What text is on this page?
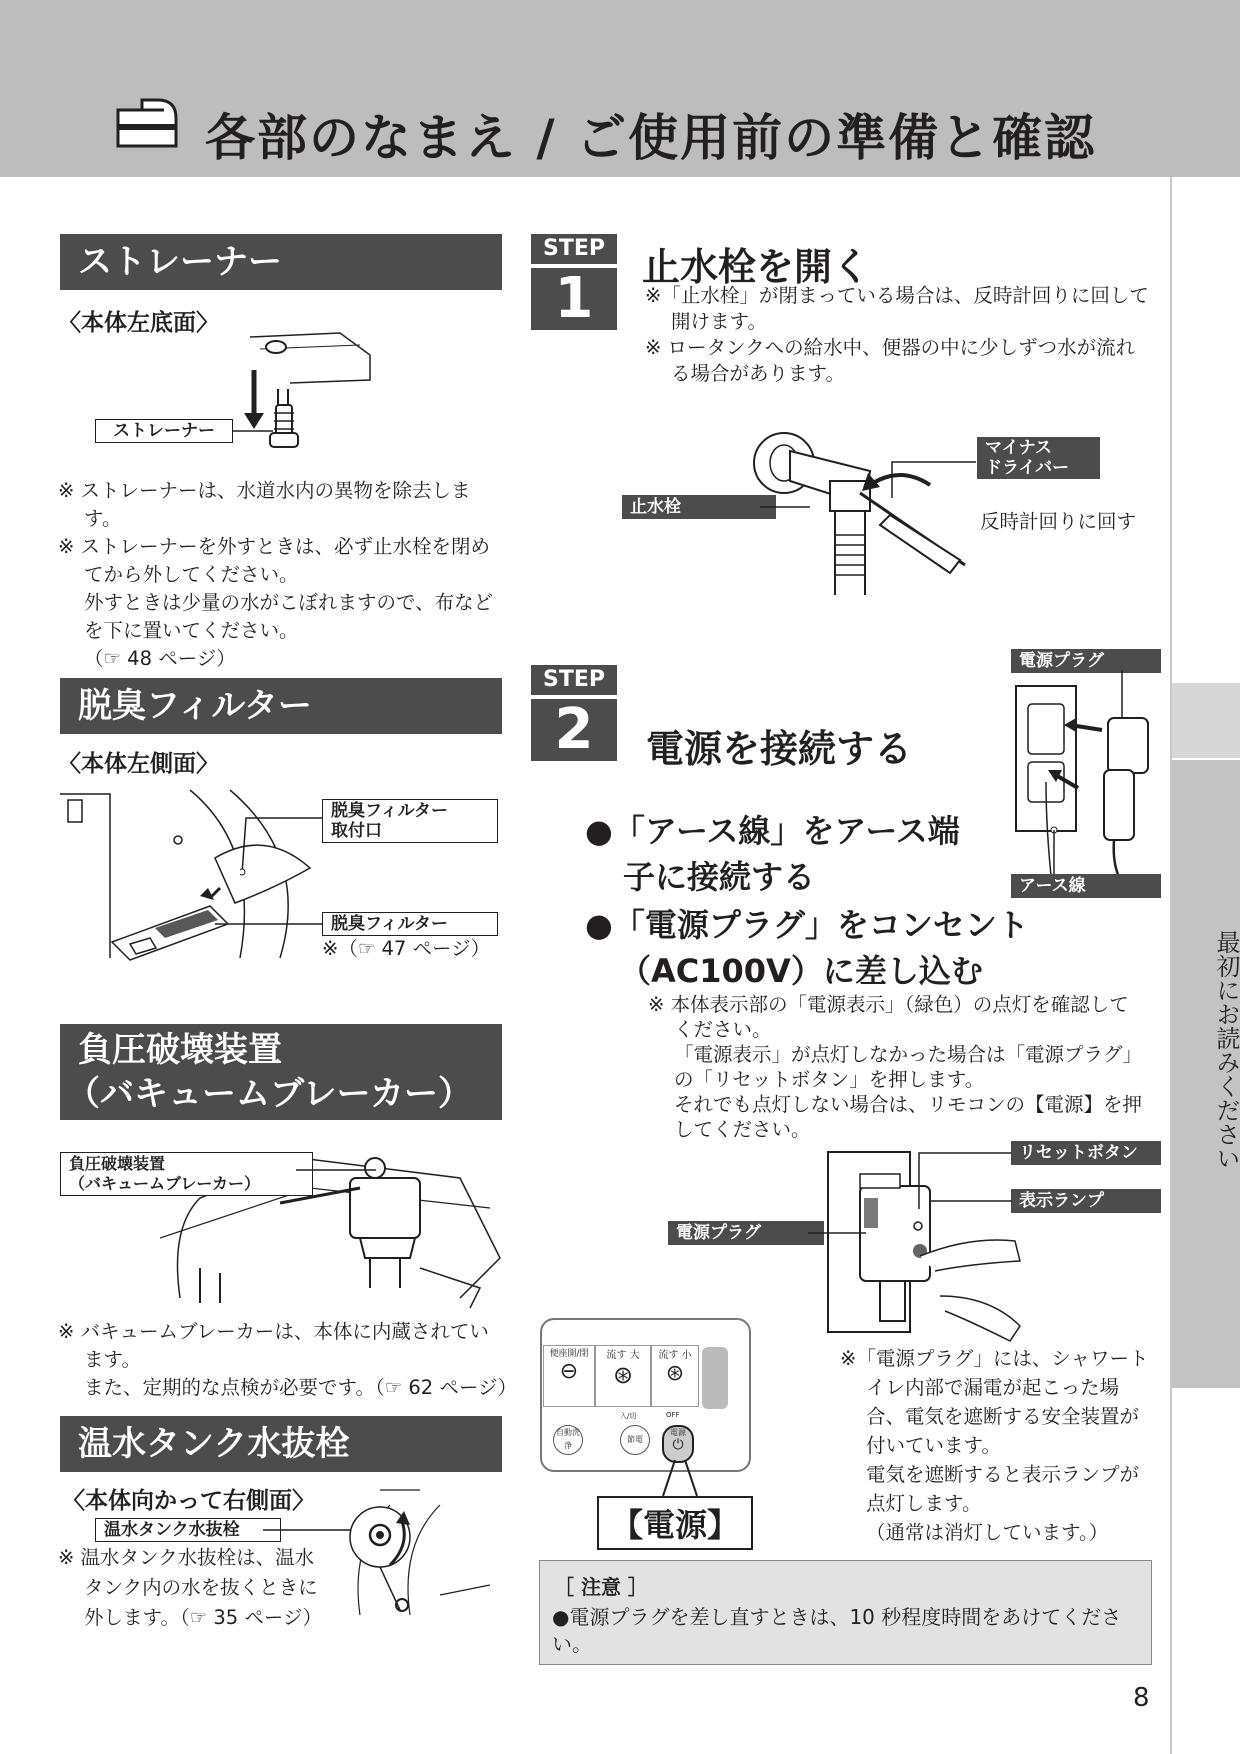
各部のなまえ / ご使用前の準備と確認
最初にお読みください
ストレーナー
〈本体左底面〉
ストレーナー

※ ストレーナーは、水道水内の異物を除去します。

※ ストレーナーを外すときは、必ず止水栓を閉めてから外してください。

外すときは少量の水がこぼれますので、布などを下に置いてください。

（☞ 48 ページ）

脱臭フィルター
〈本体左側面〉
脱臭フィルター
取付口
脱臭フィルター
※（☞ 47 ページ）
負圧破壊装置
（バキュームブレーカー）
負圧破壊装置
（バキュームブレーカー）

※ バキュームブレーカーは、本体に内蔵されています。

また、定期的な点検が必要です。（☞ 62 ページ）

温水タンク水抜栓
〈本体向かって右側面〉
温水タンク水抜栓

※ 温水タンク水抜栓は、温水

タンク内の水を抜くときに

外します。（☞ 35 ページ）

STEP
1	止水栓を開く

※「止水栓」が閉まっている場合は、反時計回りに回して開けます。

※ ロータンクへの給水中、便器の中に少しずつ水が流れる場合があります。

止水栓
マイナス
ドライバー
反時計回りに回す
STEP
2	電源を接続する
電源プラグ
アース線
●「アース線」をアース端
子に接続する
●「電源プラグ」をコンセント
（AC100V）に差し込む

※ 本体表示部の「電源表示」（緑色）の点灯を確認してください。

「電源表示」が点灯しなかった場合は「電源プラグ」の「リセットボタン」を押します。

それでも点灯しない場合は、リモコンの【電源】を押してください。

リセットボタン
表示ランプ
電源プラグ
便座開/閉
⊖
流す 大
⊛
流す 小
⊛
自動洗浄
入/切
節電
OFF
電源
⏻
【電源】

※「電源プラグ」には、シャワートイレ内部で漏電が起こった場合、電気を遮断する安全装置が付いています。

電気を遮断すると表示ランプが点灯します。

（通常は消灯しています。）

［ 注意 ］
●電源プラグを差し直すときは、10 秒程度時間をあけてください。
8
